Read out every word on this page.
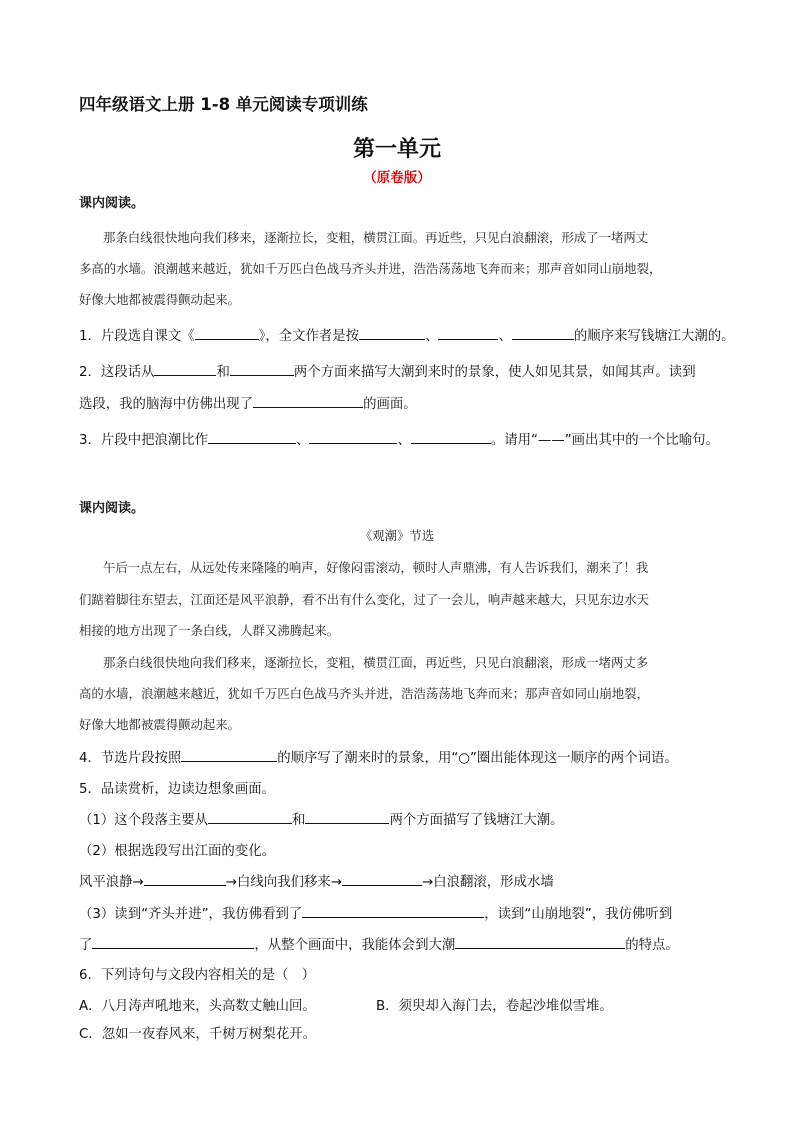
四年级语文上册 1-8 单元阅读专项训练
第一单元
（原卷版）
课内阅读。
那条白线很快地向我们移来，逐渐拉长，变粗，横贯江面。再近些，只见白浪翻滚，形成了一堵两丈
多高的水墙。浪潮越来越近，犹如千万匹白色战马齐头并进，浩浩荡荡地飞奔而来；那声音如同山崩地裂，
好像大地都被震得颤动起来。
1．片段选自课文《	》，全文作者是按	、	、	的顺序来写钱塘江大潮的。
2．这段话从	和	两个方面来描写大潮到来时的景象，使人如见其景，如闻其声。读到
选段，我的脑海中仿佛出现了	的画面。
3．片段中把浪潮比作	、	、	。请用“——”画出其中的一个比喻句。
课内阅读。
《观潮》节选
午后一点左右，从远处传来隆隆的响声，好像闷雷滚动，顿时人声鼎沸，有人告诉我们，潮来了！我
们踮着脚往东望去，江面还是风平浪静，看不出有什么变化，过了一会儿，响声越来越大，只见东边水天
相接的地方出现了一条白线，人群又沸腾起来。
那条白线很快地向我们移来，逐渐拉长，变粗，横贯江面，再近些，只见白浪翻滚，形成一堵两丈多
高的水墙，浪潮越来越近，犹如千万匹白色战马齐头并进，浩浩荡荡地飞奔而来；那声音如同山崩地裂，
好像大地都被震得颤动起来。
4．节选片段按照	的顺序写了潮来时的景象，用“○”圈出能体现这一顺序的两个词语。
5．品读赏析，边读边想象画面。
（1）这个段落主要从	和	两个方面描写了钱塘江大潮。
（2）根据选段写出江面的变化。
风平浪静→	→白线向我们移来→	→白浪翻滚，形成水墙
（3）读到“齐头并进”，我仿佛看到了	，读到“山崩地裂”，我仿佛听到
了	，从整个画面中，我能体会到大潮	的特点。
6．下列诗句与文段内容相关的是（　）
A．八月涛声吼地来，头高数丈触山回。	B．须臾却入海门去，卷起沙堆似雪堆。
C．忽如一夜春风来，千树万树梨花开。
